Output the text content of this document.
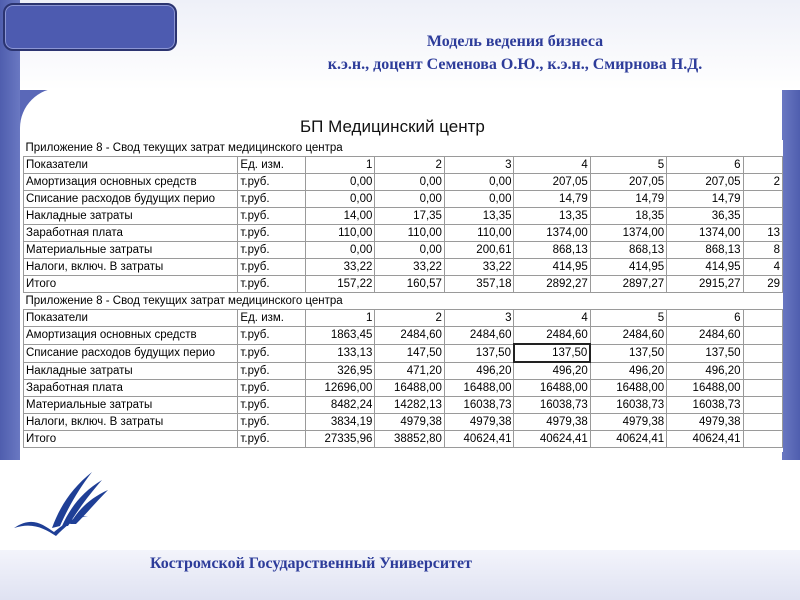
Модель ведения бизнеса
к.э.н., доцент Семенова О.Ю., к.э.н., Смирнова Н.Д.
БП Медицинский центр
Приложение 8 - Свод текущих затрат медицинского центра								
Показатели	Ед. изм.	1	2	3	4	5	6	
Амортизация основных средств	т.руб.	0,00	0,00	0,00	207,05	207,05	207,05	2
Списание расходов будущих перио	т.руб.	0,00	0,00	0,00	14,79	14,79	14,79	
Накладные затраты	т.руб.	14,00	17,35	13,35	13,35	18,35	36,35	
Заработная плата	т.руб.	110,00	110,00	110,00	1374,00	1374,00	1374,00	13
Материальные затраты	т.руб.	0,00	0,00	200,61	868,13	868,13	868,13	8
Налоги, включ. В затраты	т.руб.	33,22	33,22	33,22	414,95	414,95	414,95	4
Итого	т.руб.	157,22	160,57	357,18	2892,27	2897,27	2915,27	29
Приложение 8 - Свод текущих затрат медицинского центра								
Показатели	Ед. изм.	1	2	3	4	5	6	
Амортизация основных средств	т.руб.	1863,45	2484,60	2484,60	2484,60	2484,60	2484,60	
Списание расходов будущих перио	т.руб.	133,13	147,50	137,50	137,50	137,50	137,50	
Накладные затраты	т.руб.	326,95	471,20	496,20	496,20	496,20	496,20	
Заработная плата	т.руб.	12696,00	16488,00	16488,00	16488,00	16488,00	16488,00	
Материальные затраты	т.руб.	8482,24	14282,13	16038,73	16038,73	16038,73	16038,73	
Налоги, включ. В затраты	т.руб.	3834,19	4979,38	4979,38	4979,38	4979,38	4979,38	
Итого	т.руб.	27335,96	38852,80	40624,41	40624,41	40624,41	40624,41	
Костромской Государственный Университет
